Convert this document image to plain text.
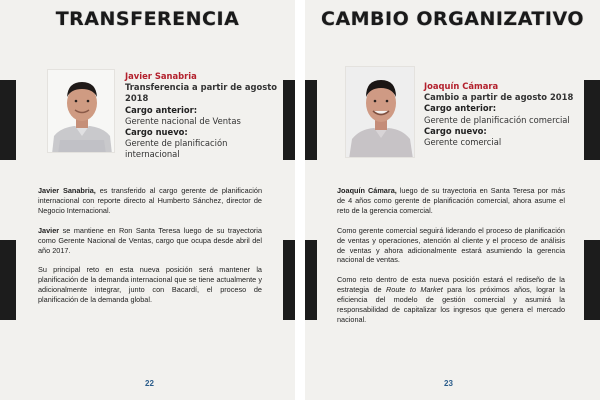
TRANSFERENCIA
Javier Sanabria
Transferencia a partir de agosto 2018
Cargo anterior:
Gerente nacional de Ventas
Cargo nuevo:
Gerente de planificación
internacional

Javier Sanabria, es transferido al cargo gerente de planificación internacional con reporte directo al Humberto Sánchez, director de Negocio Internacional.

Javier se mantiene en Ron Santa Teresa luego de su trayectoria como Gerente Nacional de Ventas, cargo que ocupa desde abril del año 2017.

Su principal reto en esta nueva posición será mantener la planificación de la demanda internacional que se tiene actualmente y adicionalmente integrar, junto con Bacardí, el proceso de planificación de la demanda global.

22
CAMBIO ORGANIZATIVO
Joaquín Cámara
Cambio a partir de agosto 2018
Cargo anterior:
Gerente de planificación comercial
Cargo nuevo:
Gerente comercial

Joaquín Cámara, luego de su trayectoria en Santa Teresa por más de 4 años como gerente de planificación comercial, ahora asume el reto de la gerencia comercial.

Como gerente comercial seguirá liderando el proceso de planificación de ventas y operaciones, atención al cliente y el proceso de análisis de ventas y ahora adicionalmente estará asumiendo la gerencia nacional de ventas.

Como reto dentro de esta nueva posición estará el rediseño de la estrategia de Route to Market para los próximos años, lograr la eficiencia del modelo de gestión comercial y asumirá la responsabilidad de capitalizar los ingresos que genera el mercado nacional.

23
